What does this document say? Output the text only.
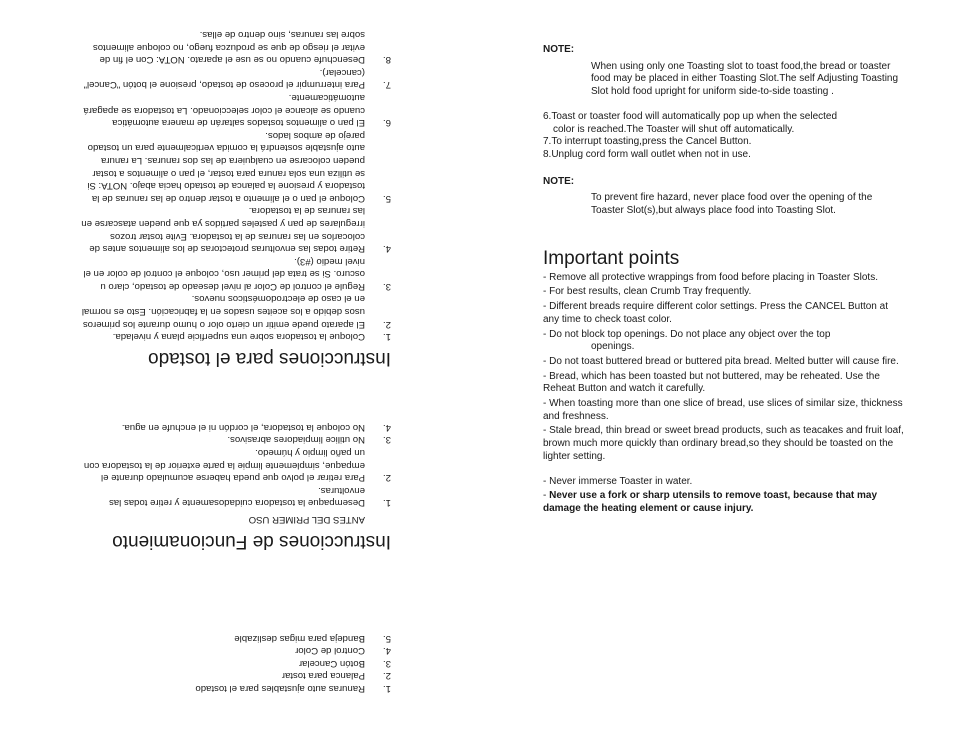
1.
Ranuras auto ajustables para el tostado
2.
Palanca para tostar
3.
Botón Cancelar
4.
Control de Color
5.
Bandeja para migas deslizable
Instrucciones de Funcionamiento
ANTES DEL PRIMER USO
1.
Desempaque la tostadora cuidadosamente y retire todas las envolturas.
2.
Para retirar el polvo que pueda haberse acumulado durante el empaque, simplemente limpie la parte exterior de la tostadora con un paño limpio y húmedo.
3.
No utilice limpiadores abrasivos.
4.
No coloque la tostadora, el cordón ni el enchufe en agua.
Instrucciones para el tostado
1.
Coloque la tostadora sobre una superficie plana y nivelada.
2.
El aparato puede emitir un cierto olor o humo durante los primeros usos debido a los aceites usados en la fabricación. Esto es normal en el caso de electrodomésticos nuevos.
3.
Regule el control de Color al nivel deseado de tostado, claro u oscuro. Si se trata del primer uso, coloque el control de color en el nivel medio (#3).
4.
Retire todas las envolturas protectoras de los alimentos antes de colocarlos en las ranuras de la tostadora. Evite tostar trozos irregulares de pan y pasteles partidos ya que pueden atascarse en las ranuras de la tostadora.
5.
Coloque el pan o el alimento a tostar dentro de las ranuras de la tostadora y presione la palanca de tostado hacia abajo. NOTA: Si se utiliza una sola ranura para tostar, el pan o alimentos a tostar pueden colocarse en cualquiera de las dos ranuras. La ranura auto ajustable sostendrá la comida verticalmente para un tostado parejo de ambos lados.
6.
El pan o alimentos tostados saltarán de manera automática cuando se alcance el color seleccionado. La tostadora se apagará automáticamente.
7.
Para interrumpir el proceso de tostado, presione el botón "Cancel" (cancelar).
8.
Desenchufe cuando no se use el aparato. NOTA: Con el fin de evitar el riesgo de que se produzca fuego, no coloque alimentos sobre las ranuras, sino dentro de ellas.

NOTE:

When using only one Toasting slot to toast food,the bread or toaster food may be placed in either Toasting Slot.The self Adjusting Toasting Slot hold food upright for uniform side-to-side toasting .

6.Toast or toaster food will automatically pop up when the selected
color is reached.The Toaster will shut off automatically.

7.To interrupt toasting,press the Cancel Button.

8.Unplug cord form wall outlet when not in use.

NOTE:

To prevent fire hazard, never place food over the opening of the Toaster Slot(s),but always place food into Toasting Slot.

Important points

- Remove all protective wrappings from food before placing in Toaster Slots.

- For best results, clean Crumb Tray frequently.

- Different breads require different color settings. Press the CANCEL Button at any time to check toast color.

- Do not block top openings. Do not place any object over the top
openings.

- Do not toast buttered bread or buttered pita bread. Melted butter will cause fire.

- Bread, which has been toasted but not buttered, may be reheated. Use the Reheat Button and watch it carefully.

- When toasting more than one slice of bread, use slices of similar size, thickness and freshness.

- Stale bread, thin bread or sweet bread products, such as teacakes and fruit loaf, brown much more quickly than ordinary bread,so they should be toasted on the lighter setting.

- Never immerse Toaster in water.

- Never use a fork or sharp utensils to remove toast, because that may damage the heating element or cause injury.
